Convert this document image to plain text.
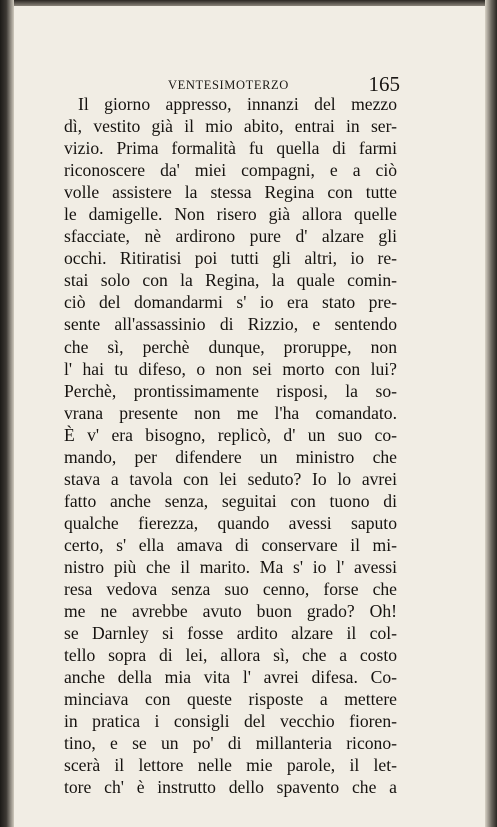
VENTESIMOTERZO	165
Il giorno appresso, innanzi del mezzo
dì, vestito già il mio abito, entrai in ser-
vizio. Prima formalità fu quella di farmi
riconoscere da' miei compagni, e a ciò
volle assistere la stessa Regina con tutte
le damigelle. Non risero già allora quelle
sfacciate, nè ardirono pure d' alzare gli
occhi. Ritiratisi poi tutti gli altri, io re-
stai solo con la Regina, la quale comin-
ciò del domandarmi s' io era stato pre-
sente all'assassinio di Rizzio, e sentendo
che sì, perchè dunque, proruppe, non
l' hai tu difeso, o non sei morto con lui?
Perchè, prontissimamente risposi, la so-
vrana presente non me l'ha comandato.
È v' era bisogno, replicò, d' un suo co-
mando, per difendere un ministro che
stava a tavola con lei seduto? Io lo avrei
fatto anche senza, seguitai con tuono di
qualche fierezza, quando avessi saputo
certo, s' ella amava di conservare il mi-
nistro più che il marito. Ma s' io l' avessi
resa vedova senza suo cenno, forse che
me ne avrebbe avuto buon grado? Oh!
se Darnley si fosse ardito alzare il col-
tello sopra di lei, allora sì, che a costo
anche della mia vita l' avrei difesa. Co-
minciava con queste risposte a mettere
in pratica i consigli del vecchio fioren-
tino, e se un po' di millanteria ricono-
scerà il lettore nelle mie parole, il let-
tore ch' è instrutto dello spavento che a
